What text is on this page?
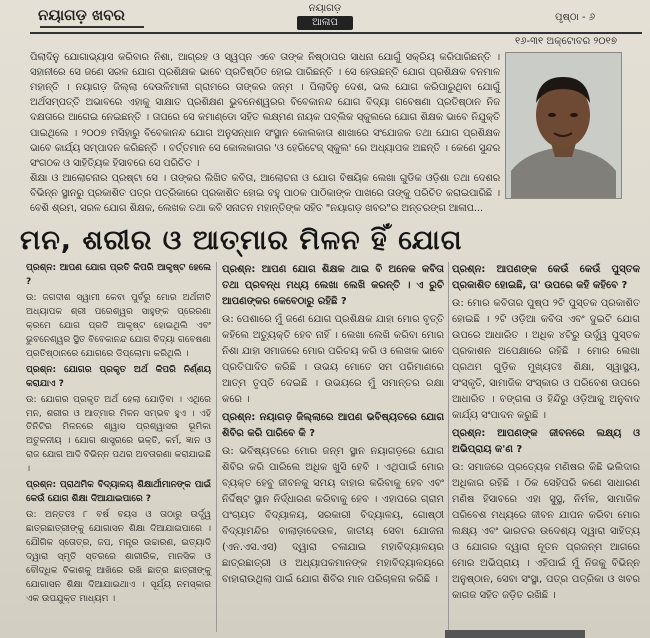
ନୟାଗଡ଼ ଖବର	ନୟାଗଡ଼
ଆଳାପ	ପୃଷ୍ଠା - ୬
୧୬-୩୧ ଅକ୍ଟୋବର ୨୦୧୭

ପିଲାଦିନୁ ଯୋଗାଭ୍ୟାସ କରିବାର ନିଶା, ଆଗ୍ରହ ଓ ସ୍ୱପ୍ନ ଏବେ ତାଙ୍କ ନିଷ୍ଠାପର ସାଧନା ଯୋଗୁଁ ସକ୍ରିୟ କରିପାରିଛନ୍ତି । ସହାନୀରେ ସେ ଜଣେ ସରଳ ଯୋଗ ପ୍ରଶିକ୍ଷକ ଭାବେ ପ୍ରତିଷ୍ଠିତ ହୋଇ ପାରିଛନ୍ତି । ସେ ହେଉଛନ୍ତି ଯୋଗ ପ୍ରଶିକ୍ଷକ ବନମାଳ ମହାନ୍ତି । ନୟାଗଡ଼ ଜିଲ୍ଲା ଦେଉଳିମାଳୀ ଗ୍ରାମରେ ତାଙ୍କର ଜନ୍ମ । ପିଲାଦିନୁ ଦେଶ, ଭଲ ଯୋଗ କରିପାରୁଥିବା ଯୋଗୁଁ ଅର୍ଥସମ୍ପତ୍ତି ଅଭାବରେ ଏହାକୁ ସାକ୍ଷାତ ପ୍ରଶିକ୍ଷଣ ଭୁବନେଶ୍ୱରର ବିବେକାନନ୍ଦ ଯୋଗ ବିଦ୍ୟା ଗବେଷଣା ପ୍ରତିଷ୍ଠାନ ନିଜ ଦକ୍ଷତାରେ ଆଗେଇ ନେଇଛନ୍ତି । ତାପରେ ସେ କମାଣ୍ଡୋ ସହିତ ଲକ୍ଷ୍ମଣ ନାୟକ ପବ୍ଲିକ ସ୍କୁଲରେ ଯୋଗ ଶିକ୍ଷକ ଭାବେ ନିଯୁକ୍ତି ପାଇଥିଲେ । ୨୦୦୭ ମସିହାରୁ ବିବେକାନନ୍ଦ ଯୋଗ ଅନୁସନ୍ଧାନ ସଂସ୍ଥାନ କୋଲକାତା ଶାଖାରେ ସଂଯୋଜକ ତଥା ଯୋଗ ପ୍ରଶିକ୍ଷକ ଭାବେ କାର୍ଯ୍ୟ ସମ୍ପାଦନ କରିଛନ୍ତି । ବର୍ତ୍ତମାନ ସେ କୋଲକାତାର 'ଓ ହେରିଟେଜ୍ ସ୍କୁଲ' ରେ ଅଧ୍ୟାପକ ଅଛନ୍ତି । କେଣେ ସୁନ୍ଦର ସଂଗଠକ ଓ ସାହିତ୍ୟିକ ହିସାବରେ ସେ ପରିଚିତ ।

ଶିକ୍ଷା ଓ ଆଲୋଚନାର ପ୍ରଷ୍ଟା ସେ । ତାଙ୍କର ଲିଖିତ କବିତା, ଆଲୋଚନା ଓ ଯୋଗ ବିଷୟିକ ଲେଖା ଗୁଡିକ ଓଡ଼ିଶା ତଥା ଦେଶର ବିଭିନ୍ନ ସ୍ଥାନରୁ ପ୍ରକାଶିତ ପତ୍ର ପତ୍ରିକାରେ ପ୍ରକାଶିତ ହୋଇ ବହୁ ପାଠକ ପାଠିକାଙ୍କ ପାଖରେ ତାଙ୍କୁ ପରିଚିତ କରାଇପାରିଛି । ବେଶି ଶ୍ରମ, ସରଳ ଯୋଗ ଶିକ୍ଷକ, ଲେଖକ ତଥା କବି ସନାତନ ମହାନ୍ତିଙ୍କ ସହିତ "ନୟାଗଡ଼ ଖବର"ର ଅନ୍ତରଙ୍ଗ ଆଳାପ...

ମନ, ଶରୀର ଓ ଆତ୍ମାର ମିଳନ ହିଁ ଯୋଗ

ପ୍ରଶ୍ନ: ଆପଣ ଯୋଗ ପ୍ରତି କିପରି ଆକୃଷ୍ଟ ହେଲେ ?

ଉ: ଜଗଦୀଶ ସ୍ୱାମୀ କେବା ପୁର୍ବରୁ ମୋର ଅର୍ଥନୀତି ଅଧ୍ୟାପକ ଶ୍ରୀ ପରେଶ୍ୱର ସାହୁଙ୍କ ପ୍ରେରଣା କ୍ରମେ ଯୋଗ ପ୍ରତି ଆକୃଷ୍ଟ ହୋଇଥିଲି ଏବଂ ଭୁବନେଶ୍ୱର ସ୍ଥିତ ବିବେକାନନ୍ଦ ଯୋଗ ବିଦ୍ୟା ଗବେଷଣା ପ୍ରତିଷ୍ଠାନରେ ଯୋଗରେ ଡିପ୍ଲୋମା କରିଥିଲି ।

ପ୍ରଶ୍ନ: ଯୋଗର ପ୍ରକୃତ ଅର୍ଥ କିପରି ନିର୍ଣ୍ଣୟ କରାଯାଏ ?

ଉ: ଯୋଗର ପ୍ରକୃତ ଅର୍ଥ ହେଲା ଯୋଡ଼ିବା । ଏଥିରେ ମନ, ଶରୀର ଓ ଆତ୍ମାର ମିଳନ ସମ୍ଭବ ହୁଏ । ଏହି ତିନିଟିର ମିଳନରେ ଶ୍ୱାସ ପ୍ରଶ୍ୱାସର ଭୂମିକା ଅତୁଳନୀୟ । ଯୋଗ ଶାସ୍ତ୍ରରେ ଭକ୍ତି, କର୍ମ, ଜ୍ଞାନ ଓ ରାଜ ଯୋଗ ଆଦି ବିଭିନ୍ନ ପଥର ଅବତାରଣା କରାଯାଇଛି ।

ପ୍ରଶ୍ନ: ପ୍ରାଥମିକ ବିଦ୍ୟାଳୟ ଶିକ୍ଷାର୍ଥୀମାନଙ୍କ ପାଇଁ କେଉଁ ଯୋଗ ଶିକ୍ଷା ଦିଆଯାଇପାରେ ?

ଉ: ଅନ୍ତତଃ ୮ ବର୍ଷ ବୟସ ଓ ତାଠାରୁ ଉର୍ଦ୍ଧ୍ୱ ଛାତ୍ରଛାତ୍ରୀଙ୍କୁ ଯୋଗାସନ ଶିକ୍ଷା ଦିଆଯାଇପାରେ । ଯୌଗିକ ସ୍ତୋତ୍ର, ଜପ, ମନ୍ତ୍ର ଉଚ୍ଚାରଣ, ଇତ୍ୟାଦି ଦ୍ୱାରା ସ୍ମୃତି ସ୍ତରରେ ଶାରୀରିକ, ମାନସିକ ଓ ବୌଦ୍ଧିକ ବିକାଶକୁ ଆଖିରେ ରଖି ଛାତ୍ର ଛାତ୍ରୀଙ୍କୁ ଯୋଗାସନ ଶିକ୍ଷା ଦିଆଯାଇଥାଏ । ସୂର୍ଯ୍ୟ ନମସ୍କାର ଏକ ଉପଯୁକ୍ତ ମାଧ୍ୟମ ।

ପ୍ରଶ୍ନ: ଆପଣ ଯୋଗ ଶିକ୍ଷକ ଥାଇ ବି ଅନେକ କବିତା ତଥା ପ୍ରବନ୍ଧ ମଧ୍ୟ ଲେଖା ଲେଖି କରନ୍ତି । ଏ ରୁଚି ଆପଣଙ୍କର କେବେଠାରୁ ରହିଛି ?

ଉ: ପେଶାରେ ମୁଁ ଜଣେ ଯୋଗ ପ୍ରଶିକ୍ଷକ ଯାହା ମୋର ବୃତ୍ତି କହିଲେ ଅତ୍ୟୁକ୍ତି ହେବ ନାହିଁ । ଲେଖା ଲେଖି କରିବା ମୋର ନିଶା ଯାହା ସମାଜରେ ମୋର ପରିଚୟ କରି ଓ ଲେଖକ ଭାବେ ପ୍ରତିପାଦିତ କରିଛି । ଉଭୟ ମୋତେ ସମ ପରିମାଣରେ ଆତ୍ମ ତୃପ୍ତି ଦେଇଛି । ଉଭୟରେ ମୁଁ ସମାନ୍ତର ରକ୍ଷା କରେ ।

ପ୍ରଶ୍ନ: ନୟାଗଡ଼ ଜିଲ୍ଲାରେ ଆପଣ ଭବିଷ୍ୟତରେ ଯୋଗ ଶିବିର କରି ପାରିବେ କି ?

ଉ: ଭବିଷ୍ୟତରେ ମୋର ଜନ୍ମ ସ୍ଥାନ ନୟାଗଡ଼ରେ ଯୋଗ ଶିବିର କରି ପାରିଲେ ଅଧିକ ଖୁସି ହେବି । ଏଥିପାଇଁ ମୋର ବ୍ୟକ୍ତ ହେବୁ ଜୀବନକୁ ସମୟ ବାହାର କରିବାକୁ ହେବ ଏବଂ ନିର୍ଦ୍ଦିଷ୍ଟ ସ୍ଥାନ ନିର୍ଦ୍ଧାରଣ କରିବାକୁ ହେବ । ଏହାପରେ ଗ୍ରାମ ପଂଚାୟତ ବିଦ୍ୟାଳୟ, ସରକାରୀ ବିଦ୍ୟାଳୟ, ଗୋଷ୍ଠୀ ବିଦ୍ୟାମନ୍ଦିର ବାଲାଡ଼ାଦେଉଳ, ଜାତୀୟ ସେବା ଯୋଜନା (ଏନ.ଏସ.ଏସ) ଦ୍ୱାରା ଚଳାଯାଇ ମହାବିଦ୍ୟାଳୟର ଛାତ୍ରଛାତ୍ରୀ ଓ ଅଧ୍ୟାପକମାନଙ୍କ ମହାବିଦ୍ୟାଳୟରେ ବାହାରାଉଥିଲା ପାଇଁ ଯୋଗ ଶିବିର ମାନ ପରିଚାଳନା କରିଛି ।

ପ୍ରଶ୍ନ: ଆପଣଙ୍କ କେଉଁ କେଉଁ ପୁସ୍ତକ ପ୍ରକାଶିତ ହୋଇଛି, ତା' ଉପରେ କହି କହିବେ ?

ଉ: ମୋର କବିତାର ପୁଷ୍ପ ୨ଟି ପୁସ୍ତକ ପ୍ରକାଶିତ ହୋଇଛି । ୨ଟି ଓଡ଼ିଆ କବିତା ଏବଂ ଦୁଇଟି ଯୋଗ ଉପରେ ଆଧାରିତ । ଅଧିକ ୪ଟିରୁ ଉର୍ଦ୍ଧ୍ୱ ପୁସ୍ତକ ପ୍ରକାଶନ ଅପେକ୍ଷାରେ ରହିଛି । ମୋର ଲେଖା ପ୍ରଥମ ଗୁଡ଼ିକ ମୁଖ୍ୟତଃ ଶିକ୍ଷା, ସ୍ୱାସ୍ଥ୍ୟ, ସଂସ୍କୃତି, ସାମାଜିକ ସଂସ୍କାର ଓ ପରିବେଶ ଉପରେ ଆଧାରିତ । ବଙ୍ଗଳା ଓ ହିନ୍ଦିରୁ ଓଡ଼ିଆକୁ ଅନୁବାଦ କାର୍ଯ୍ୟ ସଂପାଦନ କରୁଛି ।

ପ୍ରଶ୍ନ: ଆପଣଙ୍କ ଜୀବନରେ ଲକ୍ଷ୍ୟ ଓ ଅଭିପ୍ରାୟ କ'ଣ ?

ଉ: ସମାଜରେ ପ୍ରତ୍ୟେକ ମଣିଷର କିଛି ଭଲିଦାର ଅଧିକାର ରହିଛି । ଠିକ ସେହିପରି କଣେ ସାଧାରଣ ମଣିଷ ହିସାବରେ ଏହା ସୁସ୍ଥ, ନିର୍ମଳ, ସାମାଜିକ ପରିବେଶ ମଧ୍ୟରେ ଜୀବନ ଯାପନ କରିବା ମୋର ଲକ୍ଷ୍ୟ ଏବଂ ଭାରତର ଉଦେଶ୍ୟ ଦ୍ୱାରା ସାହିତ୍ୟ ଓ ଯୋଗର ଦ୍ୱାରା ନୂତନ ପ୍ରଜନ୍ମ ଆଗରେ ମୋର ଅଭିପ୍ରାୟ । ଏହିପାଇଁ ମୁଁ ନିଜକୁ ବିଭିନ୍ନ ଅନୁଷ୍ଠାନ, ସେବା ସଂସ୍ଥା, ପତ୍ର ପତ୍ରିକା ଓ ଖବର କାଗଜ ସହିତ ଜଡ଼ିତ ରଖିଛି ।
